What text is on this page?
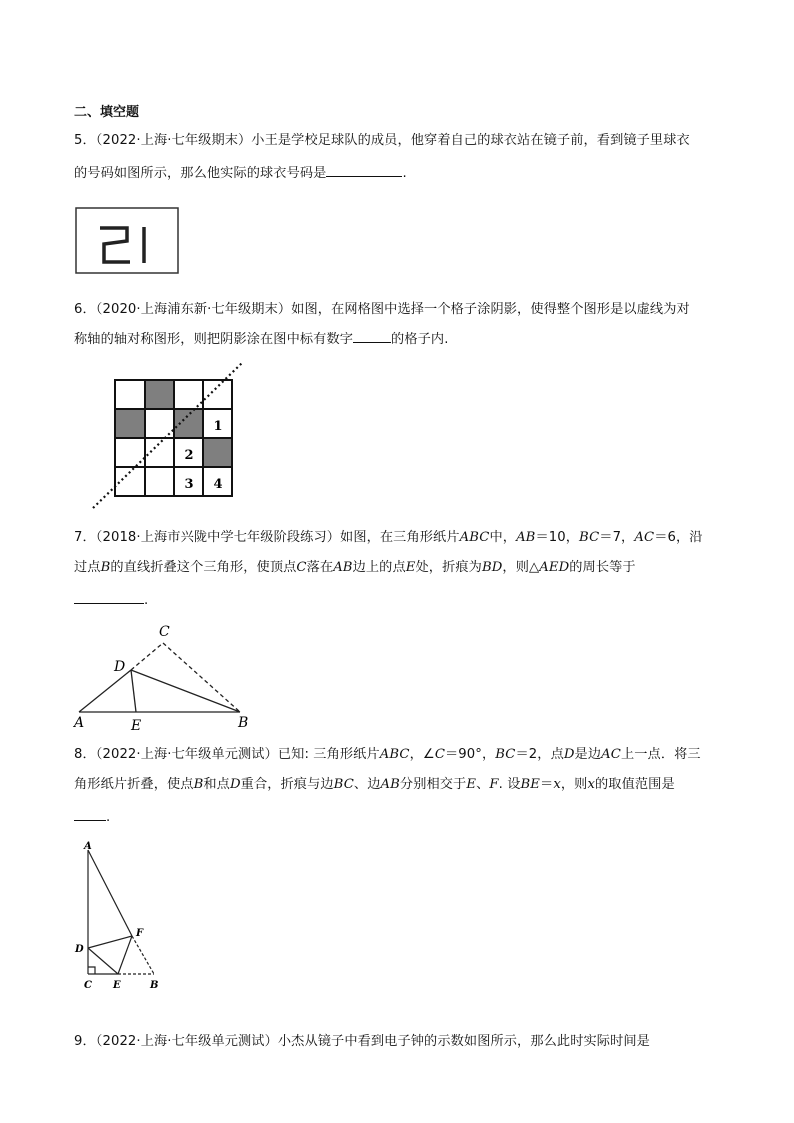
二、填空题
5．（2022·上海·七年级期末）小王是学校足球队的成员，他穿着自己的球衣站在镜子前，看到镜子里球衣
的号码如图所示，那么他实际的球衣号码是	.
6．（2020·上海浦东新·七年级期末）如图，在网格图中选择一个格子涂阴影，使得整个图形是以虚线为对
称轴的轴对称图形，则把阴影涂在图中标有数字	的格子内.
1
2
3 4
7．（2018·上海市兴陇中学七年级阶段练习）如图，在三角形纸片ABC中，AB＝10，BC＝7，AC＝6，沿
过点B的直线折叠这个三角形，使顶点C落在AB边上的点E处，折痕为BD，则△AED的周长等于
.
A	B
C
D
E
8．（2022·上海·七年级单元测试）已知: 三角形纸片ABC，∠C＝90°，BC＝2，点D是边AC上一点．将三
角形纸片折叠，使点B和点D重合，折痕与边BC、边AB分别相交于E、F. 设BE＝x，则x的取值范围是
.
A
D
F
C E	B
9．（2022·上海·七年级单元测试）小杰从镜子中看到电子钟的示数如图所示，那么此时实际时间是
